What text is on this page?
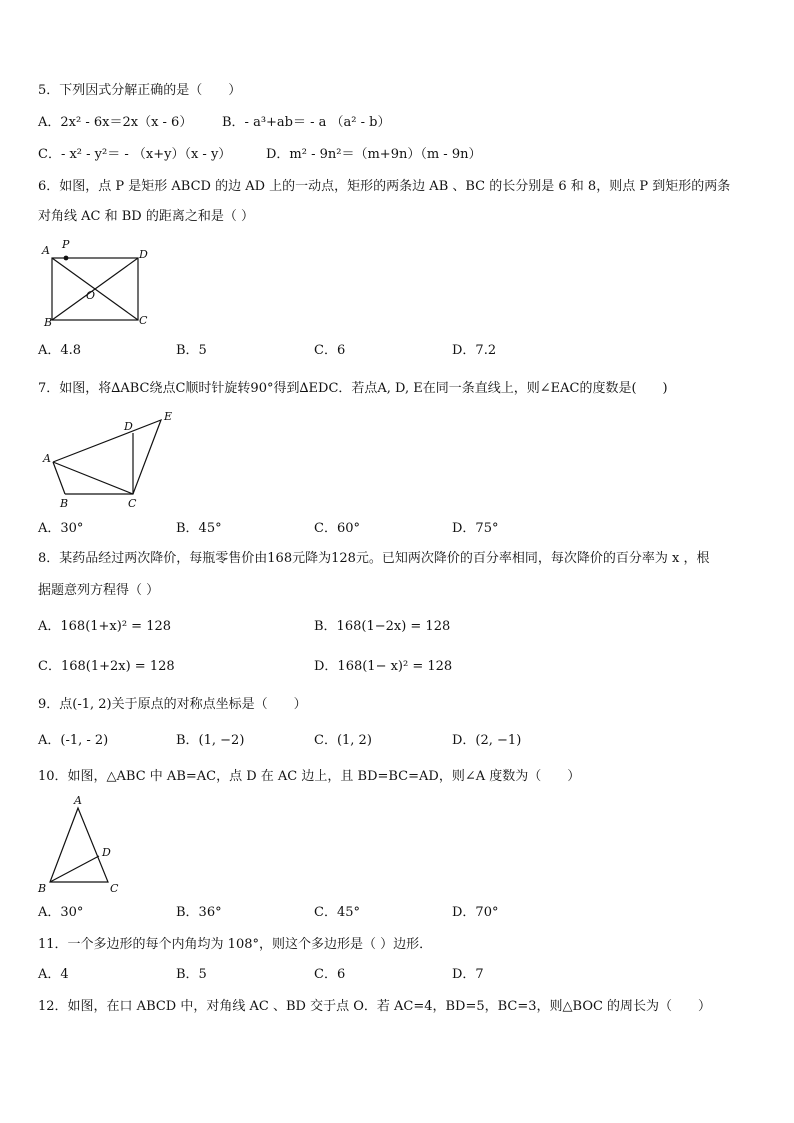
5．下列因式分解正确的是（　　）
A．2x² - 6x＝2x（x - 6） B．- a³+ab＝ - a （a² - b）
C．- x² - y²＝ - （x+y）（x - y）	D．m² - 9n²＝（m+9n）（m - 9n）
6．如图，点 P 是矩形 ABCD 的边 AD 上的一动点，矩形的两条边 AB 、BC 的长分别是 6 和 8，则点 P 到矩形的两条
对角线 AC 和 BD 的距离之和是（ ）
A P
D
O
B	C
A．4.8	B．5	C．6	D．7.2
7．如图，将∆ABC绕点C顺时针旋转90°得到∆EDC．若点A, D, E在同一条直线上，则∠EAC的度数是(　　)
A
B	C
D
E
A．30°	B．45°	C．60°	D．75°
8．某药品经过两次降价，每瓶零售价由168元降为128元。已知两次降价的百分率相同，每次降价的百分率为 x ，根
据题意列方程得（ ）
A．168(1+x)² = 128	B．168(1−2x) = 128
C．168(1+2x) = 128	D．168(1− x)² = 128
9．点(-1, 2)关于原点的对称点坐标是（　　）
A．(-1, - 2)	B．(1, −2)	C．(1, 2)	D．(2, −1)
10．如图，△ABC 中 AB=AC，点 D 在 AC 边上，且 BD=BC=AD，则∠A 度数为（　　）
A
B	C
D
A．30°	B．36°	C．45°	D．70°
11．一个多边形的每个内角均为 108°，则这个多边形是（ ）边形．
A．4	B．5	C．6	D．7
12．如图，在口 ABCD 中，对角线 AC 、BD 交于点 O．若 AC=4，BD=5，BC=3，则△BOC 的周长为（　　）
